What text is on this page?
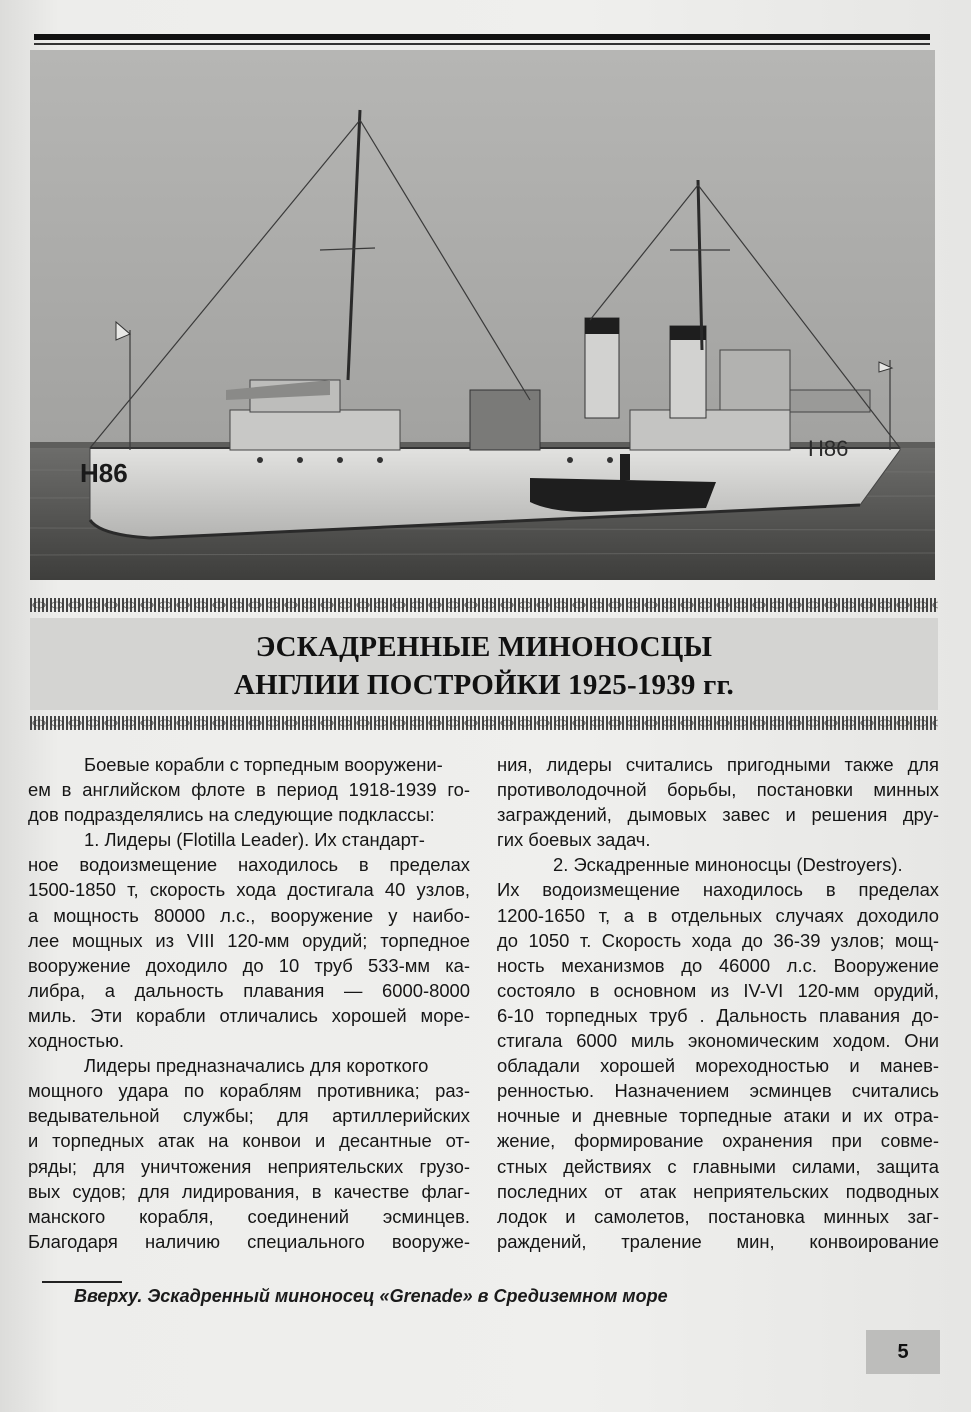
H86
H86
ЭСКАДРЕННЫЕ МИНОНОСЦЫ
АНГЛИИ ПОСТРОЙКИ 1925-1939 гг.
Боевые корабли с торпедным вооружени-
ем в английском флоте в период 1918-1939 го-
дов подразделялись на следующие подклассы:
1. Лидеры (Flotilla Leader). Их стандарт-
ное водоизмещение находилось в пределах
1500-1850 т, скорость хода достигала 40 узлов,
а мощность 80000 л.с., вооружение у наибо-
лее мощных из VIII 120-мм орудий; торпедное
вооружение доходило до 10 труб 533-мм ка-
либра, а дальность плавания — 6000-8000
миль. Эти корабли отличались хорошей море-
ходностью.
Лидеры предназначались для короткого
мощного удара по кораблям противника; раз-
ведывательной службы; для артиллерийских
и торпедных атак на конвои и десантные от-
ряды; для уничтожения неприятельских грузо-
вых судов; для лидирования, в качестве флаг-
манского корабля, соединений эсминцев.
Благодаря наличию специального вооруже-
ния, лидеры считались пригодными также для
противолодочной борьбы, постановки минных
заграждений, дымовых завес и решения дру-
гих боевых задач.
2. Эскадренные миноносцы (Destroyers).
Их водоизмещение находилось в пределах
1200-1650 т, а в отдельных случаях доходило
до 1050 т. Скорость хода до 36-39 узлов; мощ-
ность механизмов до 46000 л.с. Вооружение
состояло в основном из IV-VI 120-мм орудий,
6-10 торпедных труб . Дальность плавания до-
стигала 6000 миль экономическим ходом. Они
обладали хорошей мореходностью и манев-
ренностью. Назначением эсминцев считались
ночные и дневные торпедные атаки и их отра-
жение, формирование охранения при совме-
стных действиях с главными силами, защита
последних от атак неприятельских подводных
лодок и самолетов, постановка минных заг-
раждений, траление мин, конвоирование
Вверху. Эскадренный миноносец «Grenade» в Средиземном море
5
